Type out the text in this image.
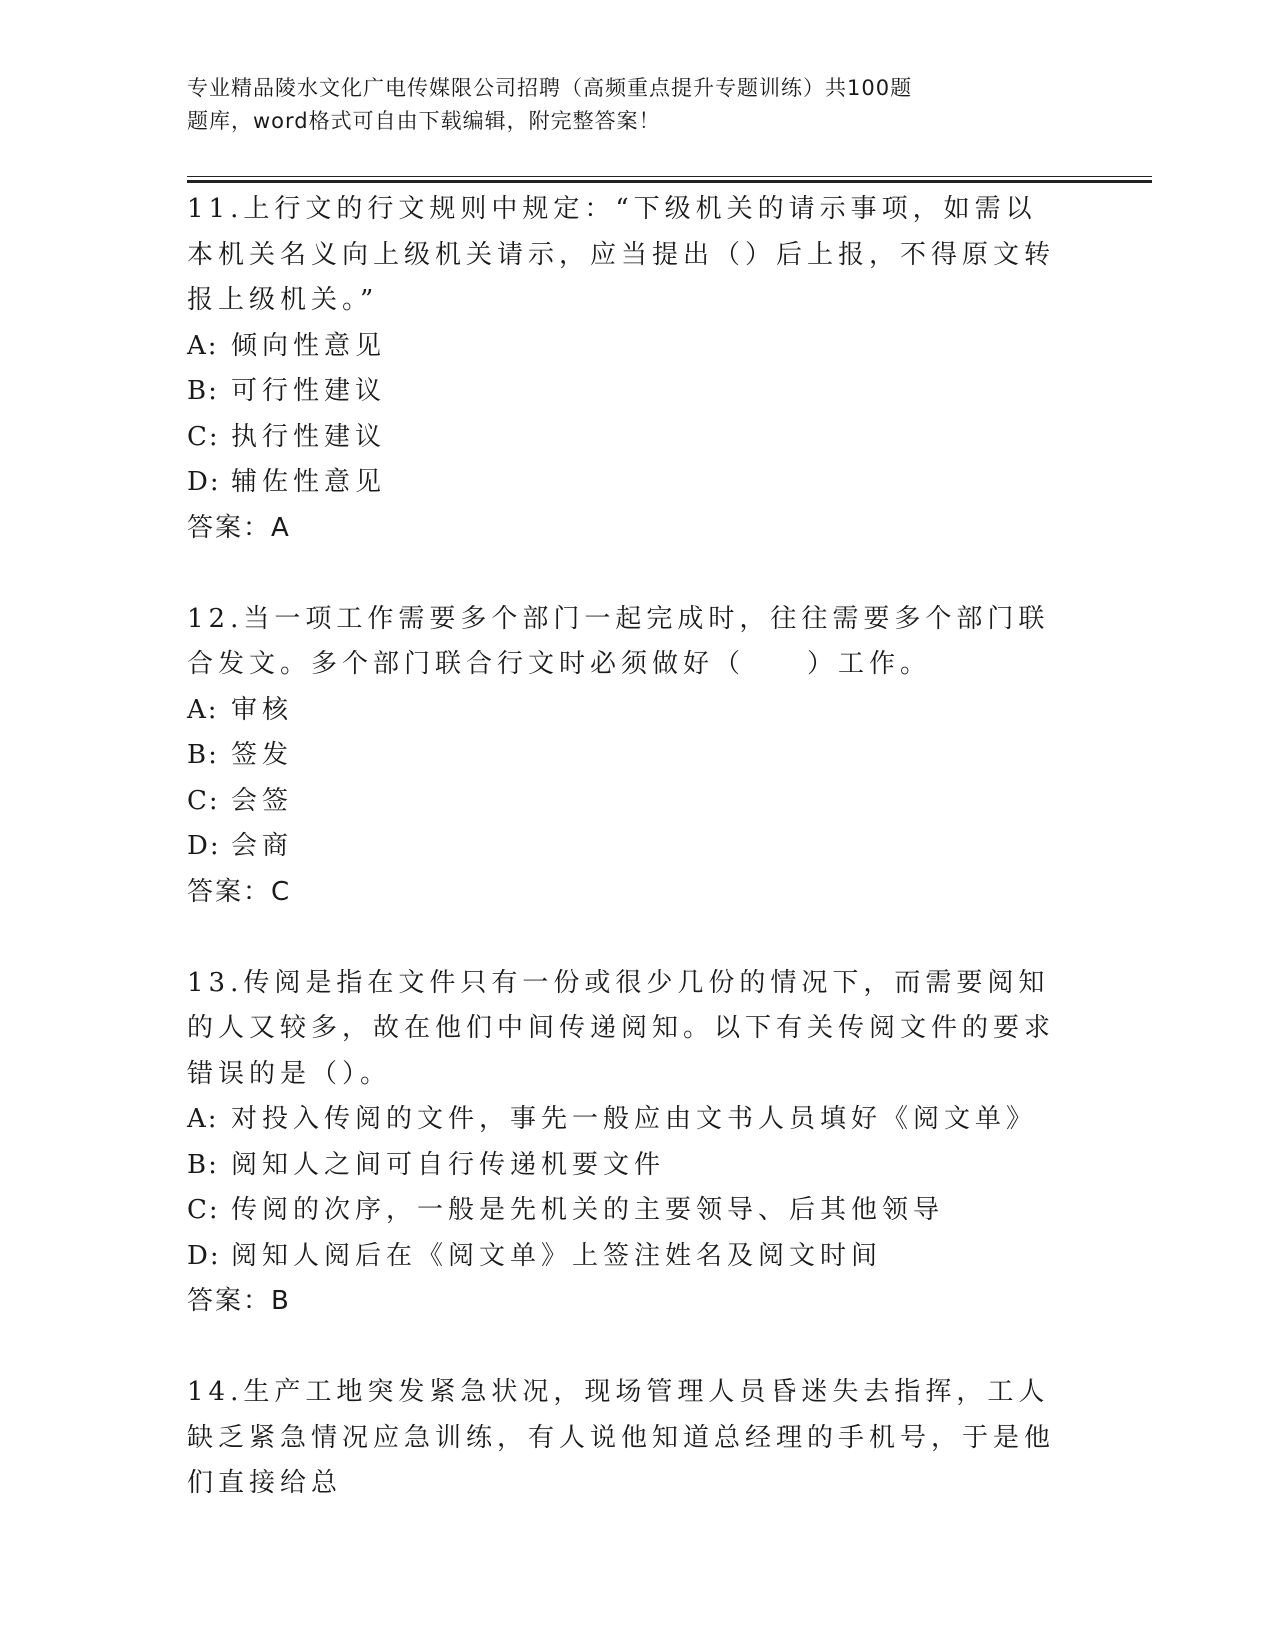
专业精品陵水文化广电传媒限公司招聘（高频重点提升专题训练）共100题
题库，word格式可自由下载编辑，附完整答案！

11.上行文的行文规则中规定：“下级机关的请示事项，如需以本机关名义向上级机关请示，应当提出（）后上报，不得原文转报上级机关。”

A: 倾向性意见

B: 可行性建议

C: 执行性建议

D: 辅佐性意见

答案：A

12.当一项工作需要多个部门一起完成时，往往需要多个部门联合发文。多个部门联合行文时必须做好（　　）工作。

A: 审核

B: 签发

C: 会签

D: 会商

答案：C

13.传阅是指在文件只有一份或很少几份的情况下，而需要阅知的人又较多，故在他们中间传递阅知。以下有关传阅文件的要求错误的是（）。

A: 对投入传阅的文件，事先一般应由文书人员填好《阅文单》

B: 阅知人之间可自行传递机要文件

C: 传阅的次序，一般是先机关的主要领导、后其他领导

D: 阅知人阅后在《阅文单》上签注姓名及阅文时间

答案：B

14.生产工地突发紧急状况，现场管理人员昏迷失去指挥，工人缺乏紧急情况应急训练，有人说他知道总经理的手机号，于是他们直接给总
